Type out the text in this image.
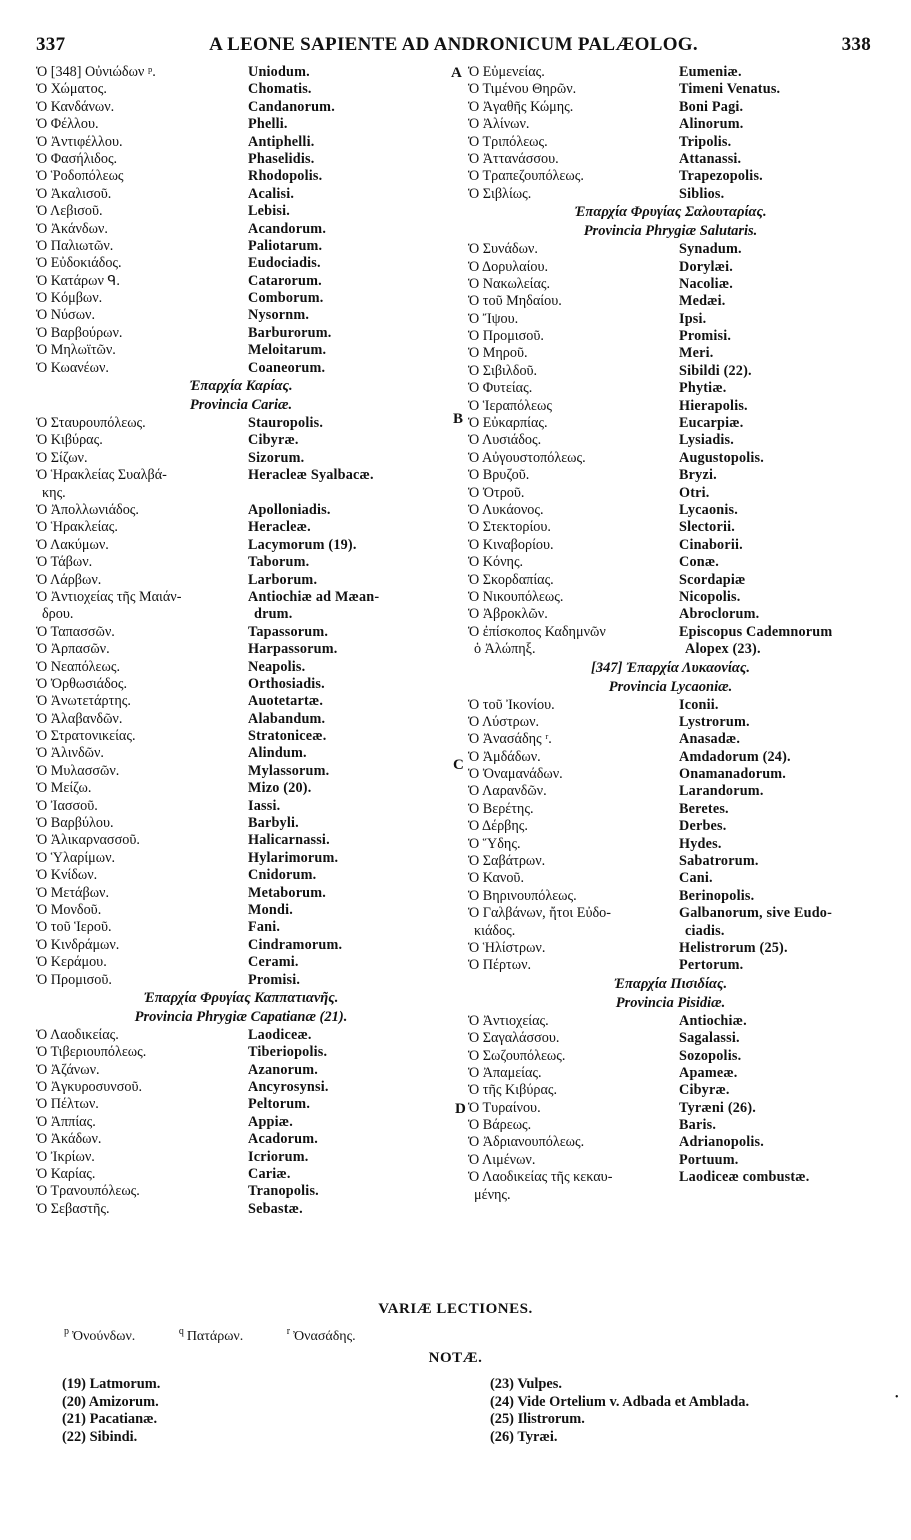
337	A LEONE SAPIENTE AD ANDRONICUM PALÆOLOG.	338
Ὁ [348] Οὐνιώδων ᵖ.	Uniodum.
Ὁ Χώματος.	Chomatis.
Ὁ Κανδάνων.	Candanorum.
Ὁ Φέλλου.	Phelli.
Ὁ Ἀντιφέλλου.	Antiphelli.
Ὁ Φασήλιδος.	Phaselidis.
Ὁ Ῥοδοπόλεως	Rhodopolis.
Ὁ Ἀκαλισοῦ.	Acalisi.
Ὁ Λεβισοῦ.	Lebisi.
Ὁ Ἀκάνδων.	Acandorum.
Ὁ Παλιωτῶν.	Paliotarum.
Ὁ Εὐδοκιάδος.	Eudociadis.
Ὁ Κατάρων ᑫ.	Catarorum.
Ὁ Κόμβων.	Comborum.
Ὁ Νύσων.	Nysornm.
Ὁ Βαρβούρων.	Barburorum.
Ὁ Μηλωϊτῶν.	Meloitarum.
Ὁ Κωανέων.	Coaneorum.
Ἐπαρχία Καρίας.
Provincia Cariæ.
Ὁ Σταυρουπόλεως.	Stauropolis.
Ὁ Κιβύρας.	Cibyræ.
Ὁ Σίζων.	Sizorum.
Ὁ Ἡρακλείας Συαλβά-	Heracleæ Syalbacæ.
κης.
Ὁ Ἀπολλωνιάδος.	Apolloniadis.
Ὁ Ἡρακλείας.	Heracleæ.
Ὁ Λακύμων.	Lacymorum (19).
Ὁ Τάβων.	Taborum.
Ὁ Λάρβων.	Larborum.
Ὁ Ἀντιοχείας τῆς Μαιάν-	Antiochiæ ad Mæan-
δρου.	drum.
Ὁ Ταπασσῶν.	Tapassorum.
Ὁ Ἀρπασῶν.	Harpassorum.
Ὁ Νεαπόλεως.	Neapolis.
Ὁ Ὀρθωσιάδος.	Orthosiadis.
Ὁ Ἀνωτετάρτης.	Auotetartæ.
Ὁ Ἀλαβανδῶν.	Alabandum.
Ὁ Στρατονικείας.	Stratoniceæ.
Ὁ Ἀλινδῶν.	Alindum.
Ὁ Μυλασσῶν.	Mylassorum.
Ὁ Μείζω.	Mizo (20).
Ὁ Ἰασσοῦ.	Iassi.
Ὁ Βαρβύλου.	Barbyli.
Ὁ Ἁλικαρνασσοῦ.	Halicarnassi.
Ὁ Ὑλαρίμων.	Hylarimorum.
Ὁ Κνίδων.	Cnidorum.
Ὁ Μετάβων.	Metaborum.
Ὁ Μονδοῦ.	Mondi.
Ὁ τοῦ Ἱεροῦ.	Fani.
Ὁ Κινδράμων.	Cindramorum.
Ὁ Κεράμου.	Cerami.
Ὁ Προμισοῦ.	Promisi.
Ἐπαρχία Φρυγίας Καππατιανῆς.
Provincia Phrygiæ Capatianæ (21).
Ὁ Λαοδικείας.	Laodiceæ.
Ὁ Τιβεριουπόλεως.	Tiberiopolis.
Ὁ Ἀζάνων.	Azanorum.
Ὁ Ἀγκυροσυνσοῦ.	Ancyrosynsi.
Ὁ Πέλτων.	Peltorum.
Ὁ Ἀππίας.	Appiæ.
Ὁ Ἀκάδων.	Acadorum.
Ὁ Ἰκρίων.	Icriorum.
Ὁ Καρίας.	Cariæ.
Ὁ Τρανουπόλεως.	Tranopolis.
Ὁ Σεβαστῆς.	Sebastæ.
Ὁ Εὐμενείας.	Eumeniæ.
Ὁ Τιμένου Θηρῶν.	Timeni Venatus.
Ὁ Ἀγαθῆς Κώμης.	Boni Pagi.
Ὁ Ἀλίνων.	Alinorum.
Ὁ Τριπόλεως.	Tripolis.
Ὁ Ἀττανάσσου.	Attanassi.
Ὁ Τραπεζουπόλεως.	Trapezopolis.
Ὁ Σιβλίως.	Siblios.
Ἐπαρχία Φρυγίας Σαλουταρίας.
Provincia Phrygiæ Salutaris.
Ὁ Συνάδων.	Synadum.
Ὁ Δορυλαίου.	Dorylæi.
Ὁ Νακωλείας.	Nacoliæ.
Ὁ τοῦ Μηδαίου.	Medæi.
Ὁ Ἴψου.	Ipsi.
Ὁ Προμισοῦ.	Promisi.
Ὁ Μηροῦ.	Meri.
Ὁ Σιβιλδοῦ.	Sibildi (22).
Ὁ Φυτείας.	Phytiæ.
Ὁ Ἱεραπόλεως	Hierapolis.
Ὁ Εὐκαρπίας.	Eucarpiæ.
Ὁ Λυσιάδος.	Lysiadis.
Ὁ Αὐγουστοπόλεως.	Augustopolis.
Ὁ Βρυζοῦ.	Bryzi.
Ὁ Ὀτροῦ.	Otri.
Ὁ Λυκάονος.	Lycaonis.
Ὁ Στεκτορίου.	Slectorii.
Ὁ Κιναβορίου.	Cinaborii.
Ὁ Κόνης.	Conæ.
Ὁ Σκορδαπίας.	Scordapiæ
Ὁ Νικουπόλεως.	Nicopolis.
Ὁ Ἀβροκλῶν.	Abroclorum.
Ὁ ἐπίσκοπος Καδημνῶν	Episcopus Cademnorum
ὁ Ἀλώπηξ.	Alopex (23).
[347] Ἐπαρχία Λυκαονίας.
Provincia Lycaoniæ.
Ὁ τοῦ Ἰκονίου.	Iconii.
Ὁ Λύστρων.	Lystrorum.
Ὁ Ἀνασάδης ʳ.	Anasadæ.
Ὁ Ἀμδάδων.	Amdadorum (24).
Ὁ Ὀναμανάδων.	Onamanadorum.
Ὁ Λαρανδῶν.	Larandorum.
Ὁ Βερέτης.	Beretes.
Ὁ Δέρβης.	Derbes.
Ὁ Ὕδης.	Hydes.
Ὁ Σαβάτρων.	Sabatrorum.
Ὁ Κανοῦ.	Cani.
Ὁ Βηρινουπόλεως.	Berinopolis.
Ὁ Γαλβάνων, ἤτοι Εὐδο-	Galbanorum, sive Eudo-
κιάδος.	ciadis.
Ὁ Ἡλίστρων.	Helistrorum (25).
Ὁ Πέρτων.	Pertorum.
Ἐπαρχία Πισιδίας.
Provincia Pisidiæ.
Ὁ Ἀντιοχείας.	Antiochiæ.
Ὁ Σαγαλάσσου.	Sagalassi.
Ὁ Σωζουπόλεως.	Sozopolis.
Ὁ Ἀπαμείας.	Apameæ.
Ὁ τῆς Κιβύρας.	Cibyræ.
Ὁ Τυραίνου.	Tyræni (26).
Ὁ Βάρεως.	Baris.
Ὁ Ἀδριανουπόλεως.	Adrianopolis.
Ὁ Λιμένων.	Portuum.
Ὁ Λαοδικείας τῆς κεκαυ-	Laodiceæ combustæ.
μένης.
A
B
C
D
VARIÆ LECTIONES.
$^p$ Ὀνούνδων.	$^q$ Πατάρων.	$^r$ Ὀνασάδης.
NOTÆ.
(19) Latmorum.
(20) Amizorum.
(21) Pacatianæ.
(22) Sibindi.
(23) Vulpes.
(24) Vide Ortelium v. Adbada et Amblada.
(25) Ilistrorum.
(26) Tyræi.
•
